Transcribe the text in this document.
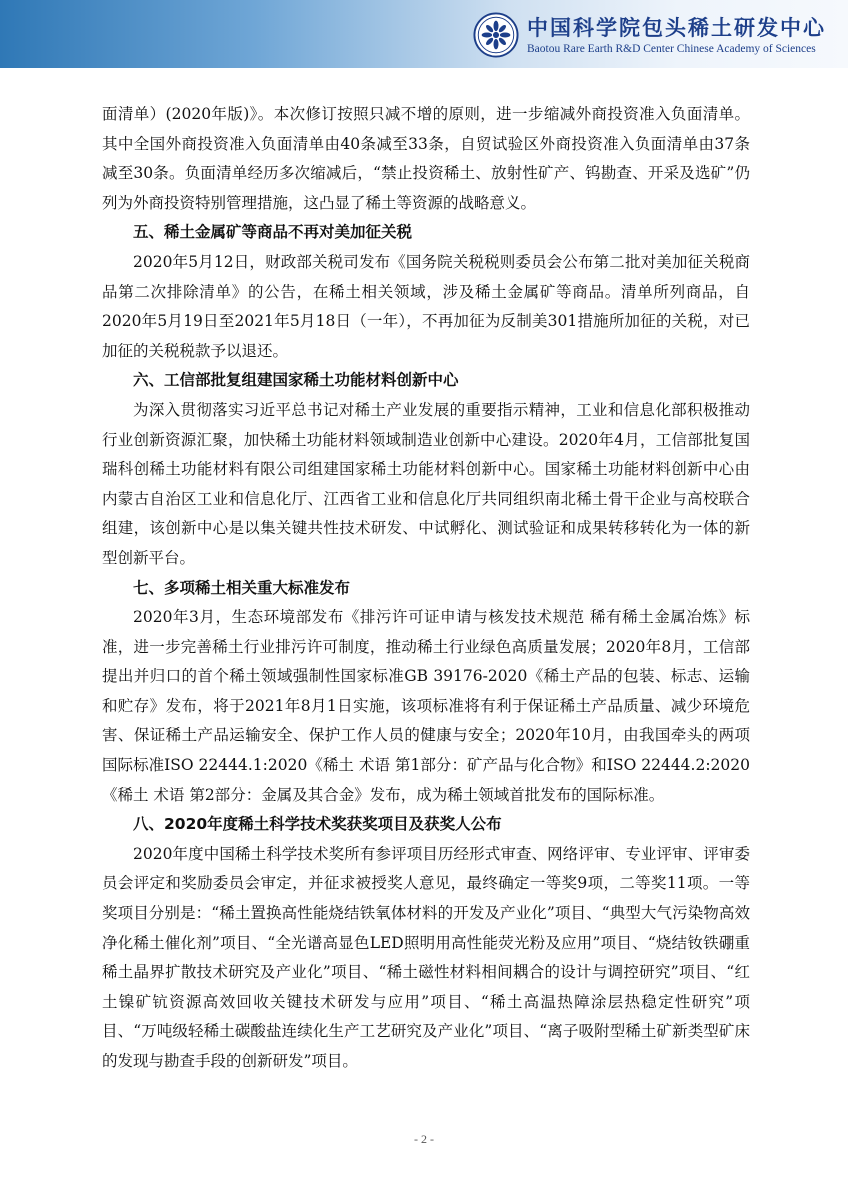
中国科学院包头稀土研发中心
Baotou Rare Earth R&D Center Chinese Academy of Sciences

面清单）(2020年版)》。本次修订按照只减不增的原则，进一步缩减外商投资准入负面清单。其中全国外商投资准入负面清单由40条减至33条，自贸试验区外商投资准入负面清单由37条减至30条。负面清单经历多次缩减后，“禁止投资稀土、放射性矿产、钨勘查、开采及选矿”仍列为外商投资特别管理措施，这凸显了稀土等资源的战略意义。

五、稀土金属矿等商品不再对美加征关税

2020年5月12日，财政部关税司发布《国务院关税税则委员会公布第二批对美加征关税商品第二次排除清单》的公告，在稀土相关领域，涉及稀土金属矿等商品。清单所列商品，自2020年5月19日至2021年5月18日（一年），不再加征为反制美301措施所加征的关税，对已加征的关税税款予以退还。

六、工信部批复组建国家稀土功能材料创新中心

为深入贯彻落实习近平总书记对稀土产业发展的重要指示精神，工业和信息化部积极推动行业创新资源汇聚，加快稀土功能材料领域制造业创新中心建设。2020年4月，工信部批复国瑞科创稀土功能材料有限公司组建国家稀土功能材料创新中心。国家稀土功能材料创新中心由内蒙古自治区工业和信息化厅、江西省工业和信息化厅共同组织南北稀土骨干企业与高校联合组建，该创新中心是以集关键共性技术研发、中试孵化、测试验证和成果转移转化为一体的新型创新平台。

七、多项稀土相关重大标准发布

2020年3月，生态环境部发布《排污许可证申请与核发技术规范 稀有稀土金属冶炼》标准，进一步完善稀土行业排污许可制度，推动稀土行业绿色高质量发展；2020年8月，工信部提出并归口的首个稀土领域强制性国家标准GB 39176-2020《稀土产品的包装、标志、运输和贮存》发布，将于2021年8月1日实施，该项标准将有利于保证稀土产品质量、减少环境危害、保证稀土产品运输安全、保护工作人员的健康与安全；2020年10月，由我国牵头的两项国际标准ISO 22444.1:2020《稀土 术语 第1部分：矿产品与化合物》和ISO 22444.2:2020《稀土 术语 第2部分：金属及其合金》发布，成为稀土领域首批发布的国际标准。

八、2020年度稀土科学技术奖获奖项目及获奖人公布

2020年度中国稀土科学技术奖所有参评项目历经形式审查、网络评审、专业评审、评审委员会评定和奖励委员会审定，并征求被授奖人意见，最终确定一等奖9项，二等奖11项。一等奖项目分别是：“稀土置换高性能烧结铁氧体材料的开发及产业化”项目、“典型大气污染物高效净化稀土催化剂”项目、“全光谱高显色LED照明用高性能荧光粉及应用”项目、“烧结钕铁硼重稀土晶界扩散技术研究及产业化”项目、“稀土磁性材料相间耦合的设计与调控研究”项目、“红土镍矿钪资源高效回收关键技术研发与应用”项目、“稀土高温热障涂层热稳定性研究”项目、“万吨级轻稀土碳酸盐连续化生产工艺研究及产业化”项目、“离子吸附型稀土矿新类型矿床的发现与勘查手段的创新研发”项目。

- 2 -
